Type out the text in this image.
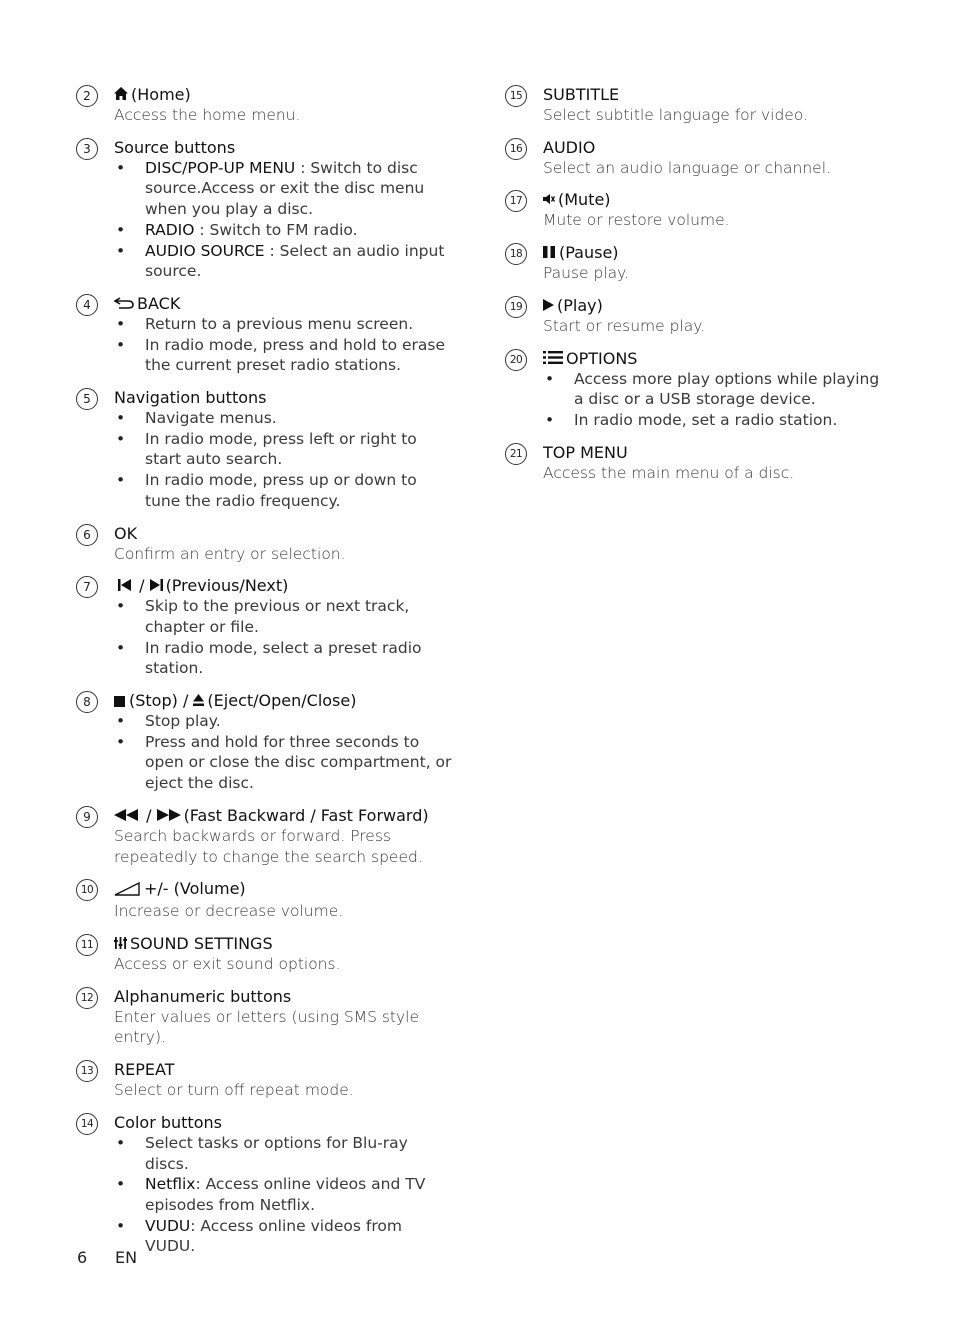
2	(Home)
Access the home menu.
3	Source buttons
• DISC/POP-UP MENU : Switch to disc source.Access or exit the disc menu when you play a disc.
• RADIO : Switch to FM radio.
• AUDIO SOURCE : Select an audio input source.
4	BACK
• Return to a previous menu screen.
• In radio mode, press and hold to erase the current preset radio stations.
5	Navigation buttons
• Navigate menus.
• In radio mode, press left or right to start auto search.
• In radio mode, press up or down to tune the radio frequency.
6	OK
Confirm an entry or selection.
7	/ (Previous/Next)
• Skip to the previous or next track, chapter or file.
• In radio mode, select a preset radio station.
8	(Stop) / (Eject/Open/Close)
• Stop play.
• Press and hold for three seconds to open or close the disc compartment, or eject the disc.
9	/ (Fast Backward / Fast Forward)
Search backwards or forward. Press
repeatedly to change the search speed.
10	+/- (Volume)
Increase or decrease volume.
11	SOUND SETTINGS
Access or exit sound options.
12	Alphanumeric buttons
Enter values or letters (using SMS style entry).
13	REPEAT
Select or turn off repeat mode.
14	Color buttons
• Select tasks or options for Blu-ray discs.
• Netflix: Access online videos and TV episodes from Netflix.
• VUDU: Access online videos from VUDU.
15	SUBTITLE
Select subtitle language for video.
16	AUDIO
Select an audio language or channel.
17	(Mute)
Mute or restore volume.
18	(Pause)
Pause play.
19	(Play)
Start or resume play.
20	OPTIONS
• Access more play options while playing a disc or a USB storage device.
• In radio mode, set a radio station.
21	TOP MENU
Access the main menu of a disc.
6 EN
